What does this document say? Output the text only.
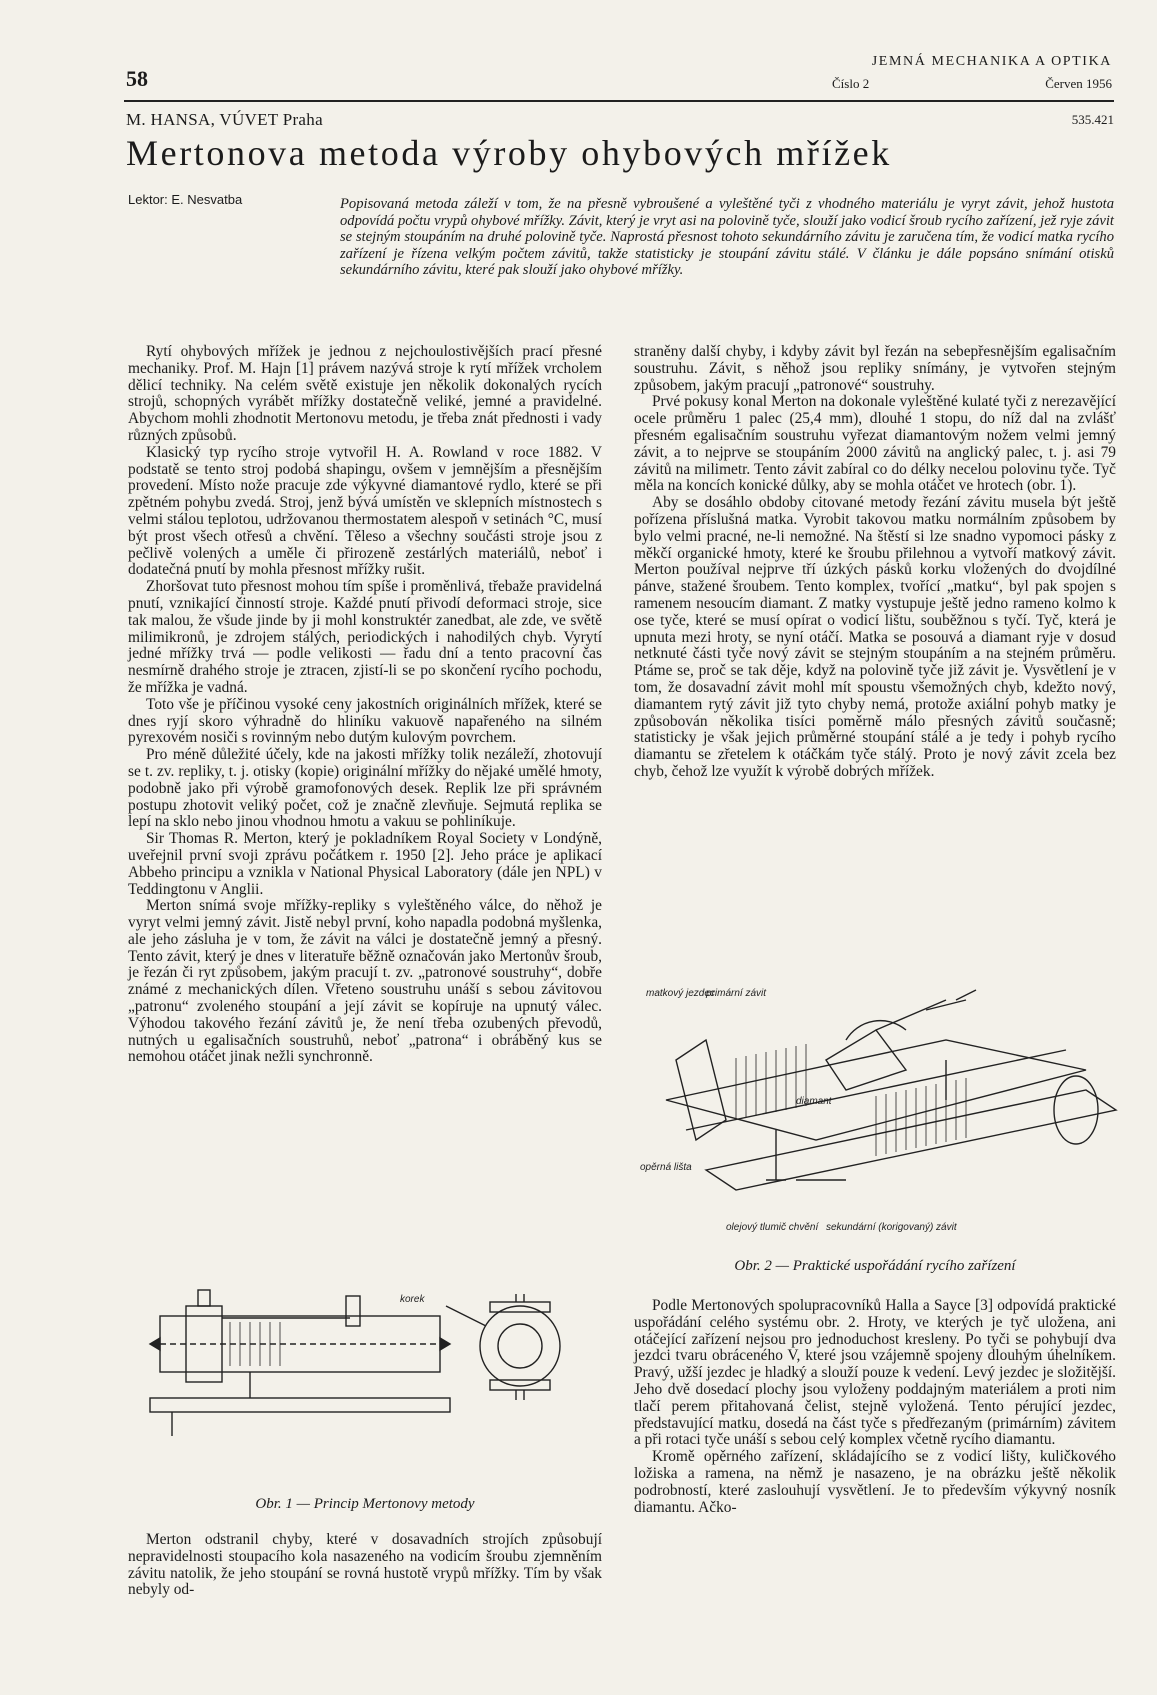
58
JEMNÁ MECHANIKA A OPTIKA
Číslo 2	Červen 1956
M. HANSA, VÚVET Praha	535.421
Mertonova metoda výroby ohybových mřížek
Lektor: E. Nesvatba	Popisovaná metoda záleží v tom, že na přesně vybroušené a vyleštěné tyči z vhodného materiálu je vyryt závit, jehož hustota odpovídá počtu vrypů ohybové mřížky. Závit, který je vryt asi na polovině tyče, slouží jako vodicí šroub rycího zařízení, jež ryje závit se stejným stoupáním na druhé polovině tyče. Naprostá přesnost tohoto sekundárního závitu je zaručena tím, že vodicí matka rycího zařízení je řízena velkým počtem závitů, takže statisticky je stoupání závitu stálé. V článku je dále popsáno snímání otisků sekundárního závitu, které pak slouží jako ohybové mřížky.

Rytí ohybových mřížek je jednou z nejchoulostivějších prací přesné mechaniky. Prof. M. Hajn [1] právem nazývá stroje k rytí mřížek vrcholem dělicí techniky. Na celém světě existuje jen několik dokonalých rycích strojů, schopných vyrábět mřížky dostatečně veliké, jemné a pravidelné. Abychom mohli zhodnotit Mertonovu metodu, je třeba znát přednosti i vady různých způsobů.

Klasický typ rycího stroje vytvořil H. A. Rowland v roce 1882. V podstatě se tento stroj podobá shapingu, ovšem v jemnějším a přesnějším provedení. Místo nože pracuje zde výkyvné diamantové rydlo, které se při zpětném pohybu zvedá. Stroj, jenž bývá umístěn ve sklepních místnostech s velmi stálou teplotou, udržovanou thermostatem alespoň v setinách °C, musí být prost všech otřesů a chvění. Těleso a všechny součásti stroje jsou z pečlivě volených a uměle či přirozeně zestárlých materiálů, neboť i dodatečná pnutí by mohla přesnost mřížky rušit.

Zhoršovat tuto přesnost mohou tím spíše i proměnlivá, třebaže pravidelná pnutí, vznikající činností stroje. Každé pnutí přivodí deformaci stroje, sice tak malou, že všude jinde by ji mohl konstruktér zanedbat, ale zde, ve světě milimikronů, je zdrojem stálých, periodických i nahodilých chyb. Vyrytí jedné mřížky trvá — podle velikosti — řadu dní a tento pracovní čas nesmírně drahého stroje je ztracen, zjistí-li se po skončení rycího pochodu, že mřížka je vadná.

Toto vše je příčinou vysoké ceny jakostních originálních mřížek, které se dnes ryjí skoro výhradně do hliníku vakuově napařeného na silném pyrexovém nosiči s rovinným nebo dutým kulovým povrchem.

Pro méně důležité účely, kde na jakosti mřížky tolik nezáleží, zhotovují se t. zv. repliky, t. j. otisky (kopie) originální mřížky do nějaké umělé hmoty, podobně jako při výrobě gramofonových desek. Replik lze při správném postupu zhotovit veliký počet, což je značně zlevňuje. Sejmutá replika se lepí na sklo nebo jinou vhodnou hmotu a vakuu se pohliníkuje.

Sir Thomas R. Merton, který je pokladníkem Royal Society v Londýně, uveřejnil první svoji zprávu počátkem r. 1950 [2]. Jeho práce je aplikací Abbeho principu a vznikla v National Physical Laboratory (dále jen NPL) v Teddingtonu v Anglii.

Merton snímá svoje mřížky-repliky s vyleštěného válce, do něhož je vyryt velmi jemný závit. Jistě nebyl první, koho napadla podobná myšlenka, ale jeho zásluha je v tom, že závit na válci je dostatečně jemný a přesný. Tento závit, který je dnes v literatuře běžně označován jako Mertonův šroub, je řezán či ryt způsobem, jakým pracují t. zv. „patronové soustruhy“, dobře známé z mechanických dílen. Vřeteno soustruhu unáší s sebou závitovou „patronu“ zvoleného stoupání a její závit se kopíruje na upnutý válec. Výhodou takového řezání závitů je, že není třeba ozubených převodů, nutných u egalisačních soustruhů, neboť „patrona“ i obráběný kus se nemohou otáčet jinak nežli synchronně.

korek
Obr. 1 — Princip Mertonovy metody

Merton odstranil chyby, které v dosavadních strojích způsobují nepravidelnosti stoupacího kola nasazeného na vodicím šroubu zjemněním závitu natolik, že jeho stoupání se rovná hustotě vrypů mřížky. Tím by však nebyly od-

straněny další chyby, i kdyby závit byl řezán na sebepřesnějším egalisačním soustruhu. Závit, s něhož jsou repliky snímány, je vytvořen stejným způsobem, jakým pracují „patronové“ soustruhy.

Prvé pokusy konal Merton na dokonale vyleštěné kulaté tyči z nerezavějící ocele průměru 1 palec (25,4 mm), dlouhé 1 stopu, do níž dal na zvlášť přesném egalisačním soustruhu vyřezat diamantovým nožem velmi jemný závit, a to nejprve se stoupáním 2000 závitů na anglický palec, t. j. asi 79 závitů na milimetr. Tento závit zabíral co do délky necelou polovinu tyče. Tyč měla na koncích konické důlky, aby se mohla otáčet ve hrotech (obr. 1).

Aby se dosáhlo obdoby citované metody řezání závitu musela být ještě pořízena příslušná matka. Vyrobit takovou matku normálním způsobem by bylo velmi pracné, ne-li nemožné. Na štěstí si lze snadno vypomoci pásky z měkčí organické hmoty, které ke šroubu přilehnou a vytvoří matkový závit. Merton používal nejprve tří úzkých pásků korku vložených do dvojdílné pánve, stažené šroubem. Tento komplex, tvořící „matku“, byl pak spojen s ramenem nesoucím diamant. Z matky vystupuje ještě jedno rameno kolmo k ose tyče, které se musí opírat o vodicí lištu, souběžnou s tyčí. Tyč, která je upnuta mezi hroty, se nyní otáčí. Matka se posouvá a diamant ryje v dosud netknuté části tyče nový závit se stejným stoupáním a na stejném průměru. Ptáme se, proč se tak děje, když na polovině tyče již závit je. Vysvětlení je v tom, že dosavadní závit mohl mít spoustu všemožných chyb, kdežto nový, diamantem rytý závit již tyto chyby nemá, protože axiální pohyb matky je způsobován několika tisíci poměrně málo přesných závitů současně; statisticky je však jejich průměrné stoupání stálé a je tedy i pohyb rycího diamantu se zřetelem k otáčkám tyče stálý. Proto je nový závit zcela bez chyb, čehož lze využít k výrobě dobrých mřížek.

matkový jezdec
primární závit
diamant
opěrná lišta
olejový tlumič chvění sekundární (korigovaný) závit
Obr. 2 — Praktické uspořádání rycího zařízení

Podle Mertonových spolupracovníků Halla a Sayce [3] odpovídá praktické uspořádání celého systému obr. 2. Hroty, ve kterých je tyč uložena, ani otáčející zařízení nejsou pro jednoduchost kresleny. Po tyči se pohybují dva jezdci tvaru obráceného V, které jsou vzájemně spojeny dlouhým úhelníkem. Pravý, užší jezdec je hladký a slouží pouze k vedení. Levý jezdec je složitější. Jeho dvě dosedací plochy jsou vyloženy poddajným materiálem a proti nim tlačí perem přitahovaná čelist, stejně vyložená. Tento pérující jezdec, představující matku, dosedá na část tyče s předřezaným (primárním) závitem a při rotaci tyče unáší s sebou celý komplex včetně rycího diamantu.

Kromě opěrného zařízení, skládajícího se z vodicí lišty, kuličkového ložiska a ramena, na němž je nasazeno, je na obrázku ještě několik podrobností, které zaslouhují vysvětlení. Je to především výkyvný nosník diamantu. Ačko-
